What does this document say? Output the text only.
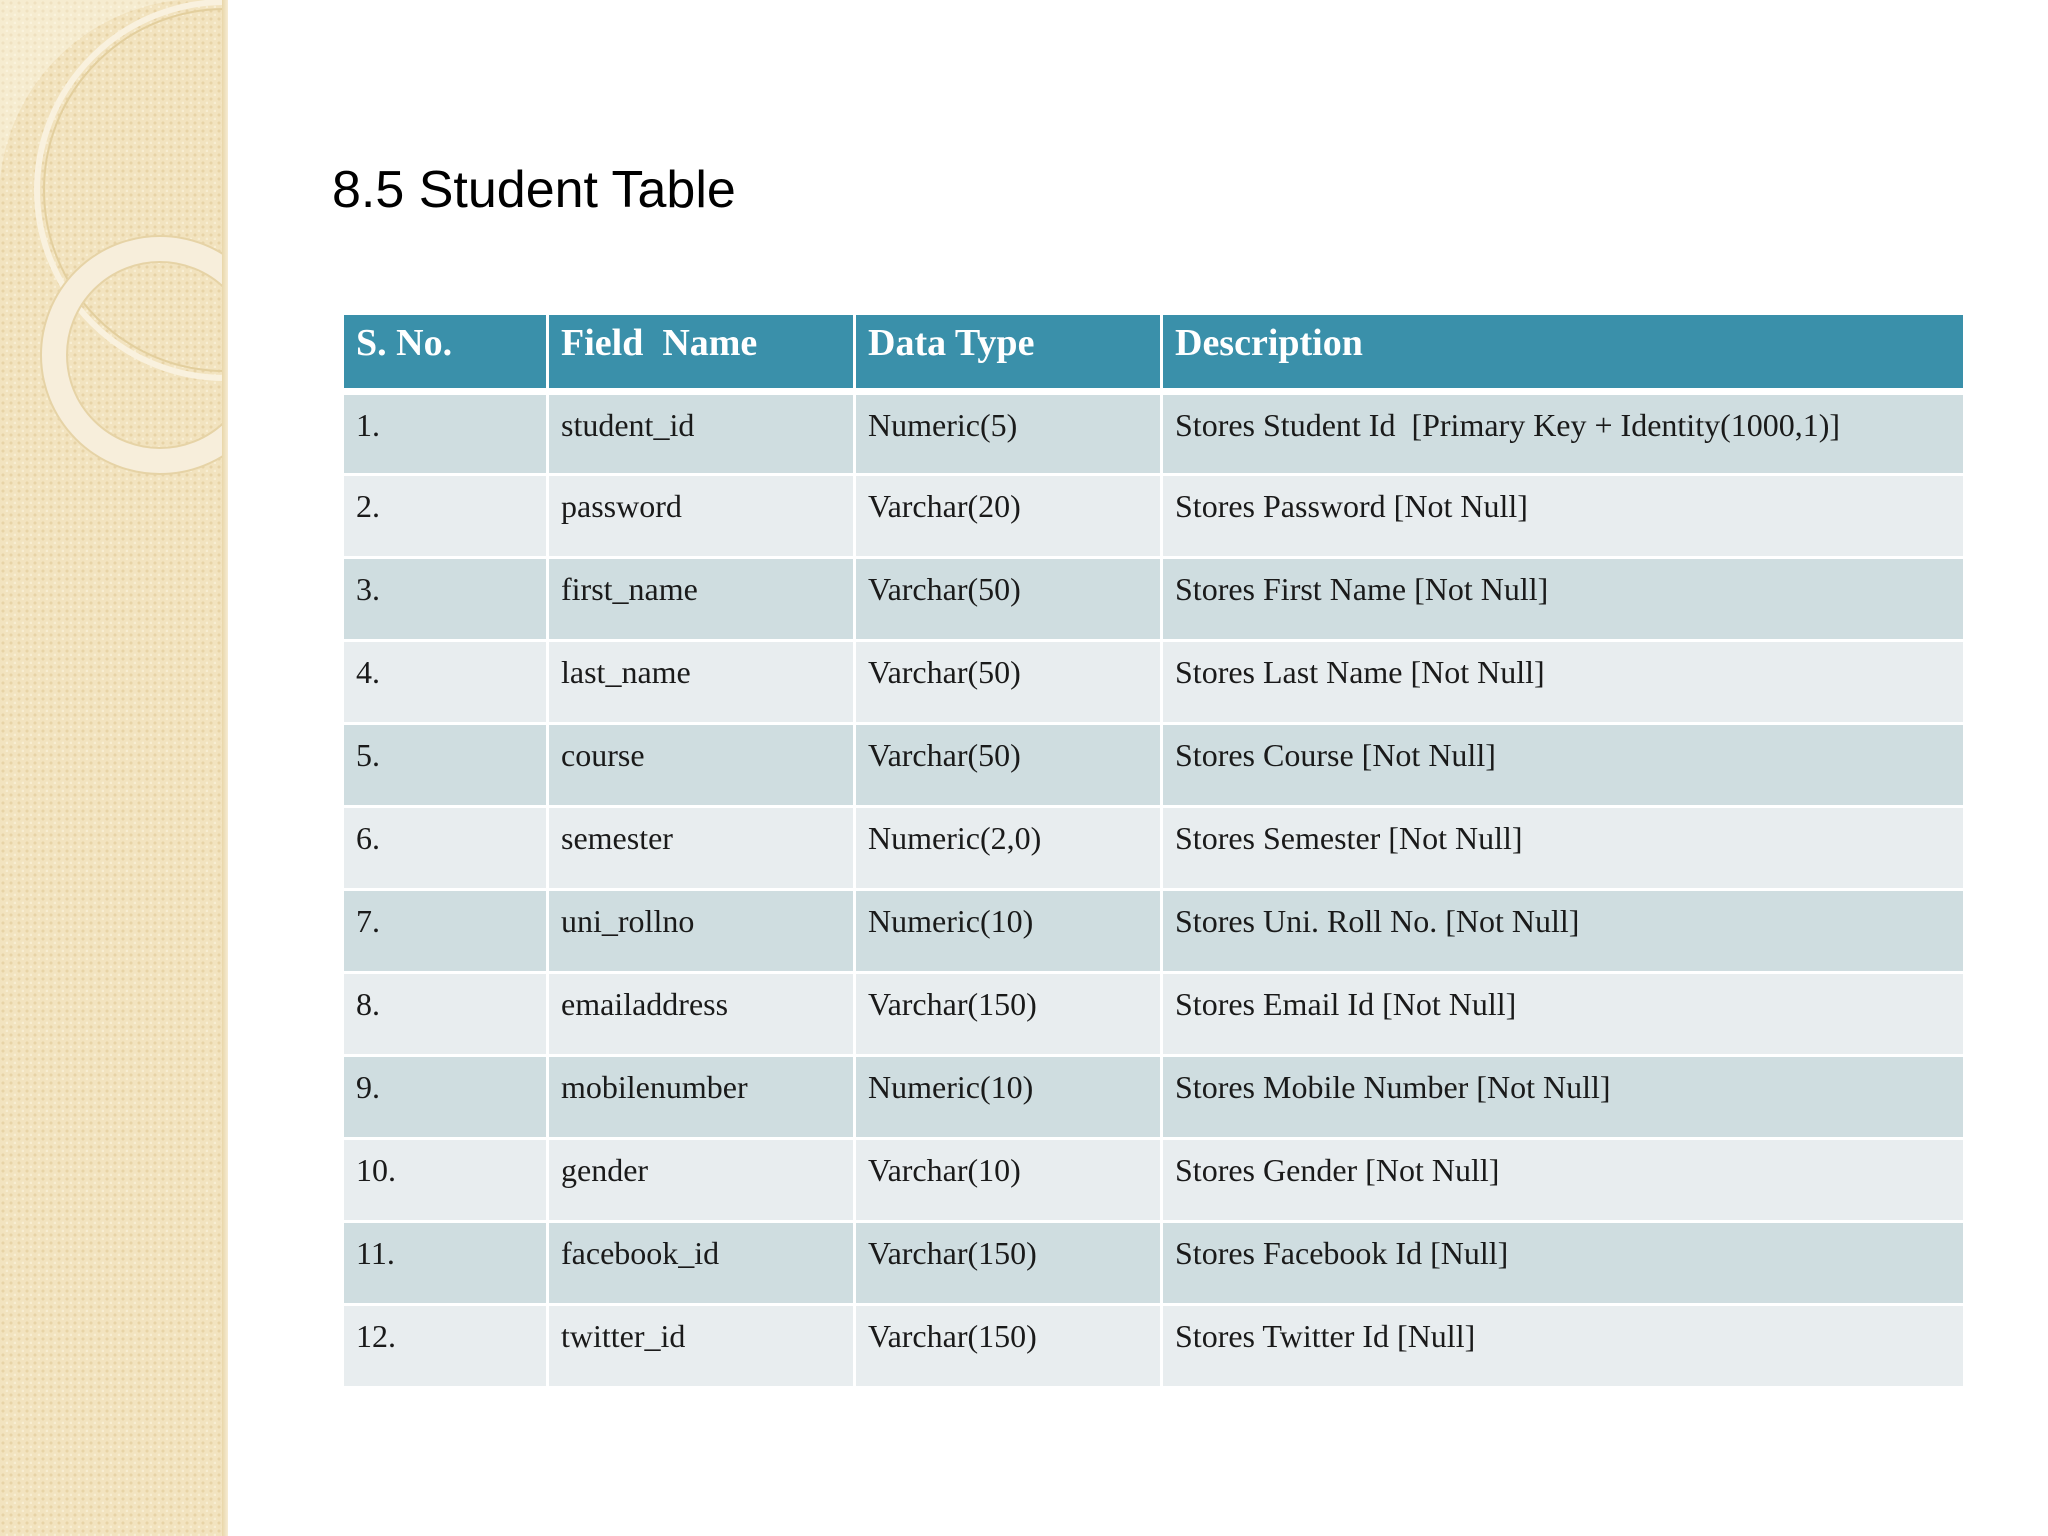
8.5 Student Table
S. No.	Field  Name	Data Type	Description
1.	student_id	Numeric(5)	Stores Student Id  [Primary Key + Identity(1000,1)]
2.	password	Varchar(20)	Stores Password [Not Null]
3.	first_name	Varchar(50)	Stores First Name [Not Null]
4.	last_name	Varchar(50)	Stores Last Name [Not Null]
5.	course	Varchar(50)	Stores Course [Not Null]
6.	semester	Numeric(2,0)	Stores Semester [Not Null]
7.	uni_rollno	Numeric(10)	Stores Uni. Roll No. [Not Null]
8.	emailaddress	Varchar(150)	Stores Email Id [Not Null]
9.	mobilenumber	Numeric(10)	Stores Mobile Number [Not Null]
10.	gender	Varchar(10)	Stores Gender [Not Null]
11.	facebook_id	Varchar(150)	Stores Facebook Id [Null]
12.	twitter_id	Varchar(150)	Stores Twitter Id [Null]
